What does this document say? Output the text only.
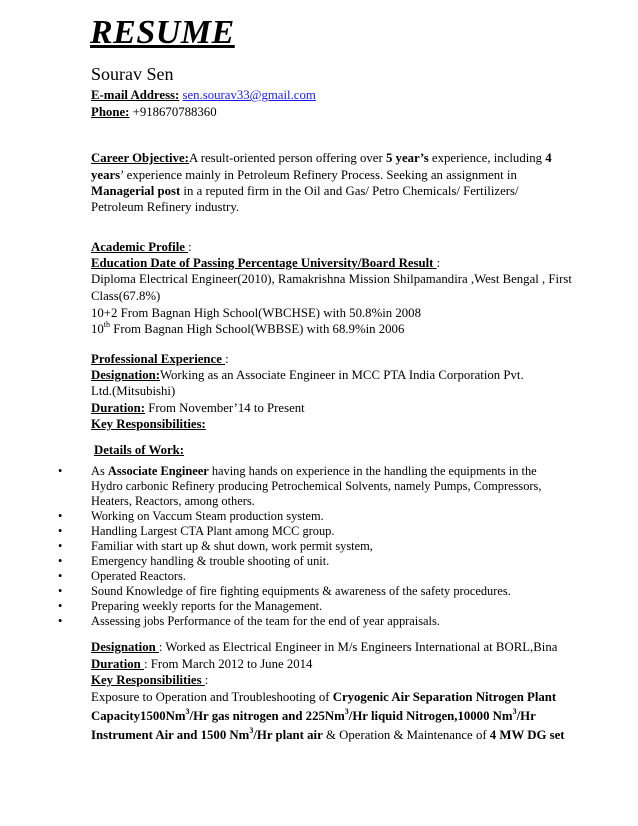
RESUME
Sourav Sen
E-mail Address: sen.sourav33@gmail.com
Phone: +918670788360
Career Objective:A result-oriented person offering over 5 year’s experience, including 4
years’ experience mainly in Petroleum Refinery Process. Seeking an assignment in
Managerial post in a reputed firm in the Oil and Gas/ Petro Chemicals/ Fertilizers/
Petroleum Refinery industry.
Academic Profile :
Education Date of Passing Percentage University/Board Result :
Diploma Electrical Engineer(2010), Ramakrishna Mission Shilpamandira ,West Bengal , First
Class(67.8%)
10+2 From Bagnan High School(WBCHSE) with 50.8%in 2008
10th From Bagnan High School(WBBSE) with 68.9%in 2006
Professional Experience :
Designation:Working as an Associate Engineer in MCC PTA India Corporation Pvt.
Ltd.(Mitsubishi)
Duration: From November’14 to Present
Key Responsibilities:
Details of Work:
• As Associate Engineer having hands on experience in the handling the equipments in the
Hydro carbonic Refinery producing Petrochemical Solvents, namely Pumps, Compressors,
Heaters, Reactors, among others.
• Working on Vaccum Steam production system.
• Handling Largest CTA Plant among MCC group.
• Familiar with start up & shut down, work permit system,
• Emergency handling & trouble shooting of unit.
• Operated Reactors.
• Sound Knowledge of fire fighting equipments & awareness of the safety procedures.
• Preparing weekly reports for the Management.
• Assessing jobs Performance of the team for the end of year appraisals.
Designation : Worked as Electrical Engineer in M/s Engineers International at BORL,Bina
Duration : From March 2012 to June 2014
Key Responsibilities :
Exposure to Operation and Troubleshooting of Cryogenic Air Separation Nitrogen Plant
Capacity1500Nm$^3$/Hr gas nitrogen and 225Nm$^3$/Hr liquid Nitrogen,10000 Nm$^3$/Hr
Instrument Air and 1500 Nm$^3$/Hr plant air & Operation & Maintenance of 4 MW DG set
